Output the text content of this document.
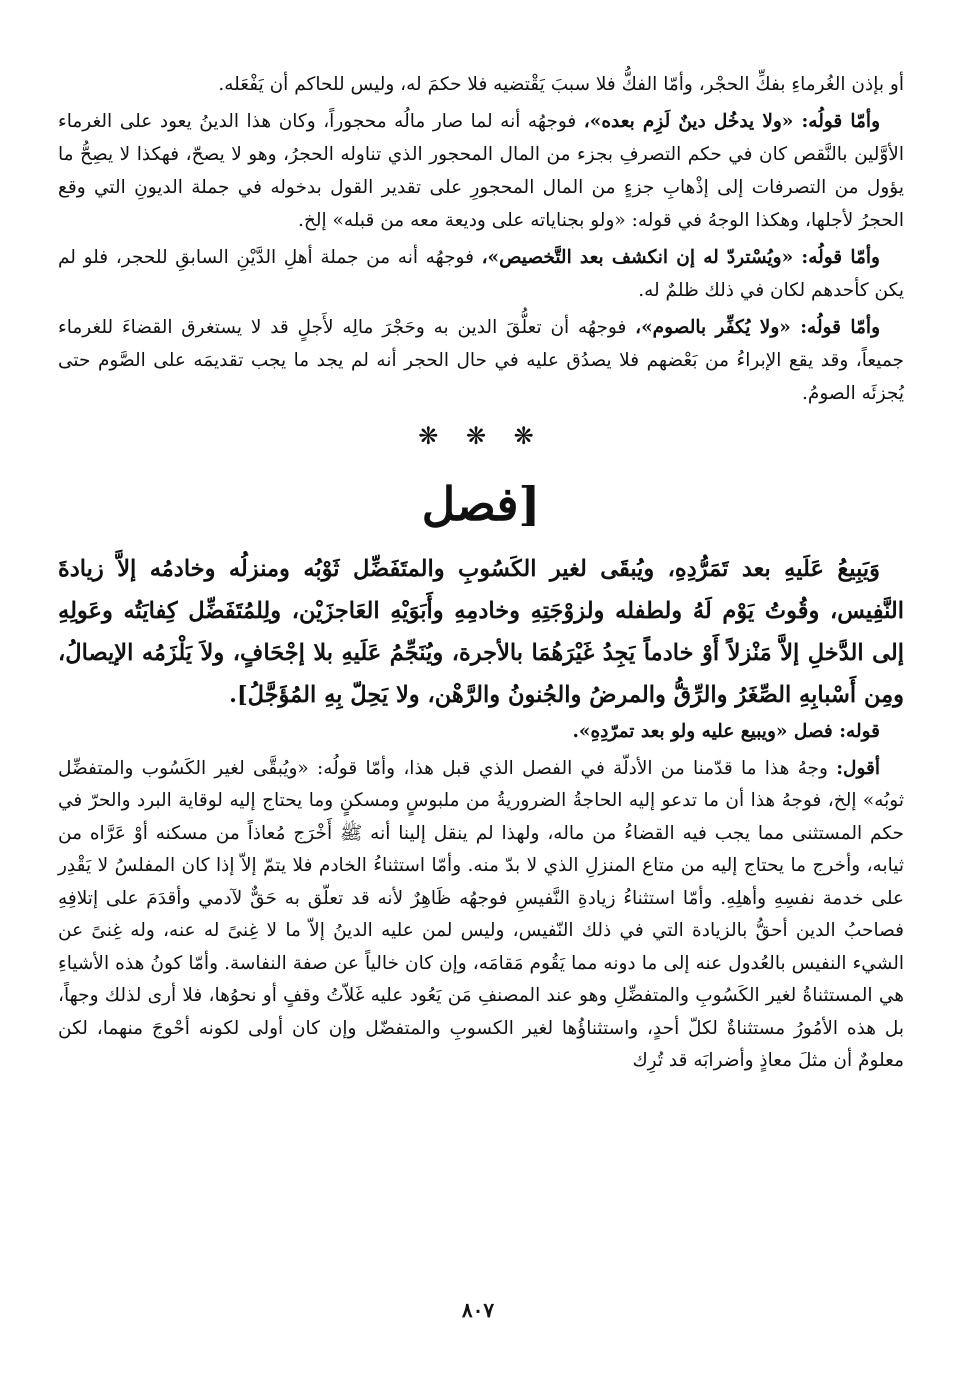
أو بإذن الغُرماءِ بفكِّ الحجْر، وأمّا الفكُّ فلا سببَ يَقْتضيه فلا حكمَ له، وليس للحاكم أن يَفْعَله.

وأمّا قولُه: «ولا يدخُل دينٌ لَزِم بعده»، فوجهُه أنه لما صار مالُه محجوراً، وكان هذا الدينُ يعود على الغرماء الأوَّلين بالنَّقص كان في حكم التصرفِ بجزء من المال المحجور الذي تناوله الحجرُ، وهو لا يصحّ، فهكذا لا يصِحُّ ما يؤول من التصرفات إلى إذْهابِ جزءٍ من المال المحجورِ على تقدير القول بدخوله في جملة الديونِ التي وقع الحجرُ لأجلها، وهكذا الوجهُ في قوله: «ولو بجناياته على وديعة معه من قبله» إلخ.

وأمّا قولُه: «ويُسْتردّ له إن انكشف بعد التَّخصيص»، فوجهُه أنه من جملة أهلِ الدَّيْنِ السابقِ للحجر، فلو لم يكن كأحدهم لكان في ذلك ظلمٌ له.

وأمّا قولُه: «ولا يُكفِّر بالصوم»، فوجهُه أن تعلُّقَ الدين به وحَجْرَ مالِه لأَجلٍ قد لا يستغرق القضاءَ للغرماء جميعاً، وقد يقع الإبراءُ من بَعْضهم فلا يصدُق عليه في حال الحجر أنه لم يجد ما يجب تقديمَه على الصَّوم حتى يُجزئَه الصومُ.

❋ ❋ ❋
[فصل

وَيَبِيعُ عَلَيهِ بعد تَمَرُّدِهِ، ويُبقَى لغير الكَسُوبِ والمتَفَضِّل ثَوْبُه ومنزلُه وخادمُه إلاَّ زيادةَ النَّفِيس، وقُوتُ يَوْم لَهُ ولطفله ولزوْجَتِهِ وخادمِهِ وأَبَوَيْهِ العَاجزَيْن، ولِلمُتَفَضِّل كِفايَتُه وعَولِهِ إلى الدَّخلِ إلاَّ مَنْزلاً أَوْ خادماً يَجِدُ غَيْرَهُمَا بالأجرة، ويُنَجِّمُ عَلَيهِ بلا إجْحَافٍ، ولاَ يَلْزَمُه الإيصالُ، ومِن أَسْبابِهِ الصِّغَرُ والرِّقُّ والمرضُ والجُنونُ والرَّهْن، ولا يَحِلّ بِهِ المُؤَجَّلُ].

قوله: فصل «ويبيع عليه ولو بعد تمرّدِهِ».

أقول: وجهُ هذا ما قدّمنا من الأدلّة في الفصل الذي قبل هذا، وأمّا قولُه: «ويُبقَّى لغير الكَسُوب والمتفضِّل ثوبُه» إلخ، فوجهُ هذا أن ما تدعو إليه الحاجةُ الضروريةُ من ملبوسٍ ومسكنٍ وما يحتاج إليه لوقاية البرد والحرّ في حكم المستثنى مما يجب فيه القضاءُ من ماله، ولهذا لم ينقل إلينا أنه ﷺ أَخْرَج مُعاذاً من مسكنه أوْ عَرَّاه من ثيابه، وأخرج ما يحتاج إليه من متاع المنزلِ الذي لا بدّ منه. وأمّا استثناءُ الخادم فلا يتمّ إلاّ إذا كان المفلسُ لا يَقْدِر على خدمة نفسِهِ وأهلِهِ. وأمّا استثناءُ زيادةِ النَّفيسِ فوجهُه ظَاهِرٌ لأنه قد تعلّق به حَقٌّ لآدمي وأقدَمَ على إتلافِهِ فصاحبُ الدين أحقُّ بالزيادة التي في ذلك النّفيس، وليس لمن عليه الدينُ إلاّ ما لا غِنىً له عنه، وله غِنىً عن الشيء النفيس بالعُدول عنه إلى ما دونه مما يَقُوم مَقامَه، وإن كان خالياً عن صفة النفاسة. وأمّا كونُ هذه الأشياءِ هي المستثناةُ لغير الكَسُوبِ والمتفضِّلِ وهو عند المصنفِ مَن يَعُود عليه غَلاّتُ وقفٍ أو نحوُها، فلا أرى لذلك وجهاً، بل هذه الأمُورُ مستثناةٌ لكلّ أحدٍ، واستثناؤُها لغير الكسوبِ والمتفضّل وإن كان أولى لكونه أحْوجَ منهما، لكن معلومٌ أن مثلَ معاذٍ وأضرابَه قد تُرِك

٨٠٧
